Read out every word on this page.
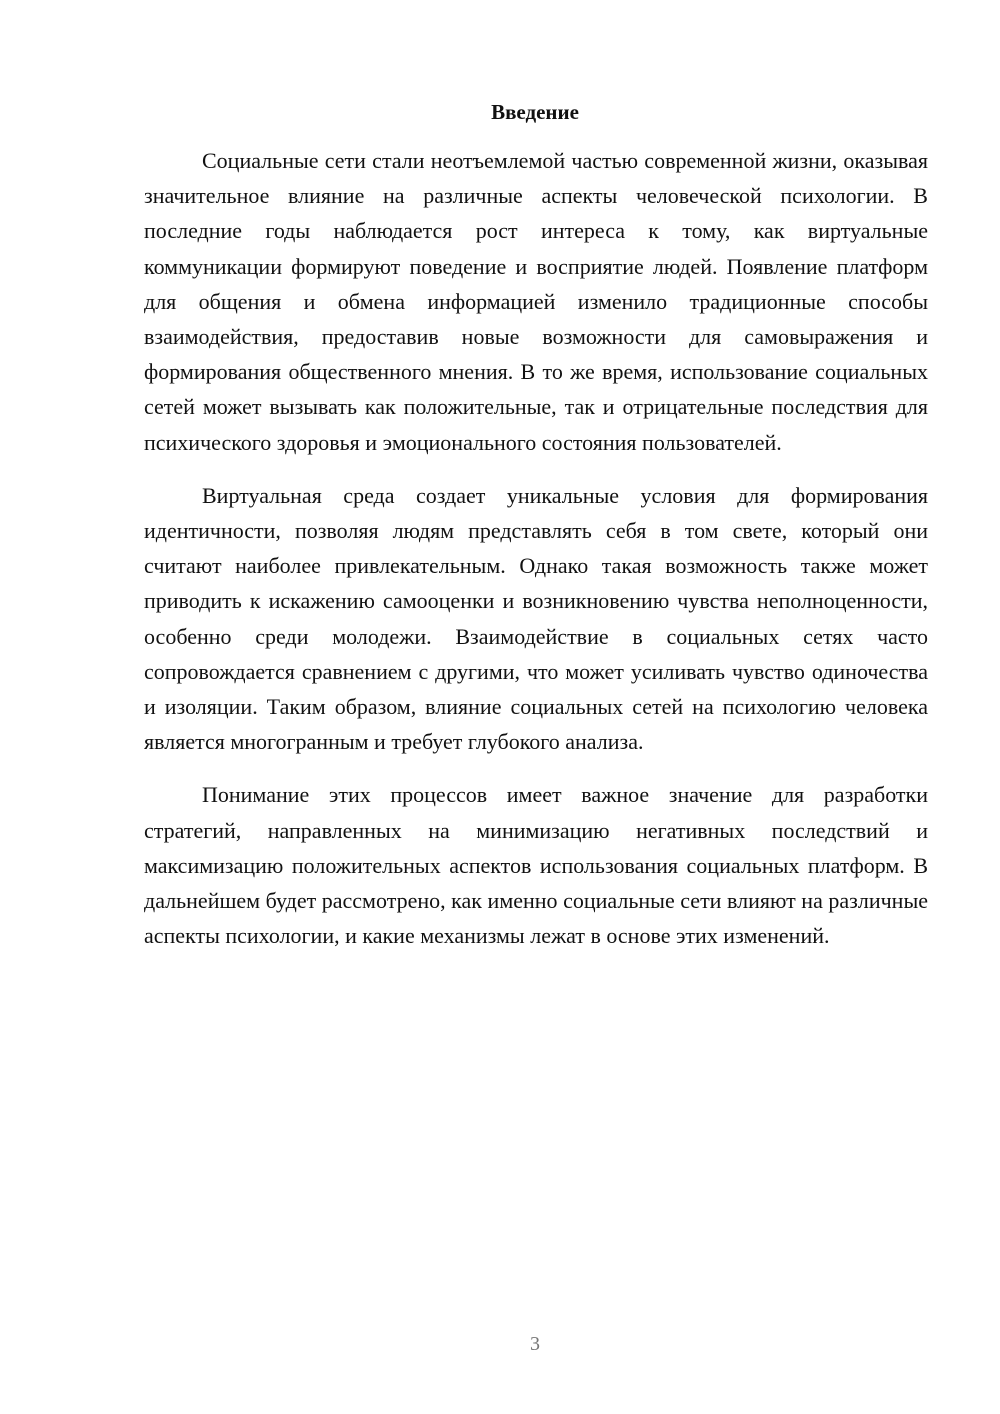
Введение

Социальные сети стали неотъемлемой частью современной жизни, оказывая значительное влияние на различные аспекты человеческой психологии. В последние годы наблюдается рост интереса к тому, как виртуальные коммуникации формируют поведение и восприятие людей. Появление платформ для общения и обмена информацией изменило традиционные способы взаимодействия, предоставив новые возможности для самовыражения и формирования общественного мнения. В то же время, использование социальных сетей может вызывать как положительные, так и отрицательные последствия для психического здоровья и эмоционального состояния пользователей.

Виртуальная среда создает уникальные условия для формирования идентичности, позволяя людям представлять себя в том свете, который они считают наиболее привлекательным. Однако такая возможность также может приводить к искажению самооценки и возникновению чувства неполноценности, особенно среди молодежи. Взаимодействие в социальных сетях часто сопровождается сравнением с другими, что может усиливать чувство одиночества и изоляции. Таким образом, влияние социальных сетей на психологию человека является многогранным и требует глубокого анализа.

Понимание этих процессов имеет важное значение для разработки стратегий, направленных на минимизацию негативных последствий и максимизацию положительных аспектов использования социальных платформ. В дальнейшем будет рассмотрено, как именно социальные сети влияют на различные аспекты психологии, и какие механизмы лежат в основе этих изменений.

3
